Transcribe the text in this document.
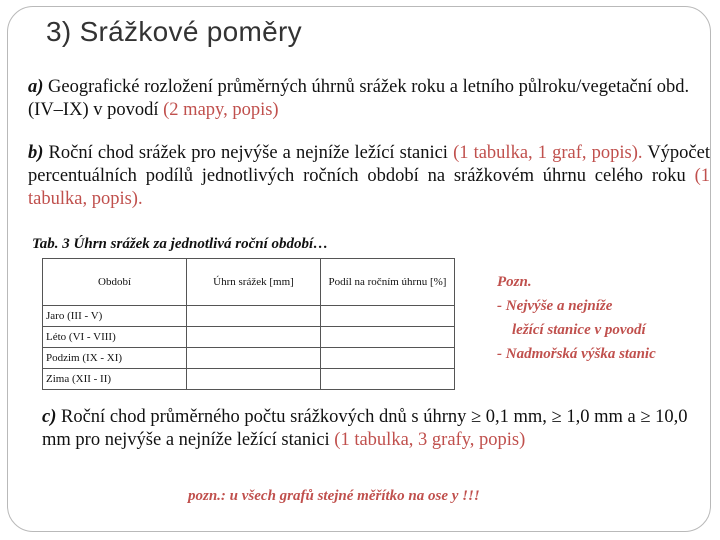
3) Srážkové poměry

a) Geografické rozložení průměrných úhrnů srážek roku a letního půlroku/vegetační obd. (IV–IX) v povodí (2 mapy, popis)

b) Roční chod srážek pro nejvýše a nejníže ležící stanici (1 tabulka, 1 graf, popis). Výpočet percentuálních podílů jednotlivých ročních období na srážkovém úhrnu celého roku (1 tabulka, popis).

Tab. 3 Úhrn srážek za jednotlivá roční období…

Období	Úhrn srážek [mm]	Podíl na ročním úhrnu [%]
Jaro (III - V)		
Léto (VI - VIII)		
Podzim (IX - XI)		
Zima (XII - II)		
Pozn.
- Nejvýše a nejníže
ležící stanice v povodí
- Nadmořská výška stanic

c) Roční chod průměrného počtu srážkových dnů s úhrny ≥ 0,1 mm, ≥ 1,0 mm a ≥ 10,0 mm pro nejvýše a nejníže ležící stanici (1 tabulka, 3 grafy, popis)

pozn.: u všech grafů stejné měřítko na ose y !!!
